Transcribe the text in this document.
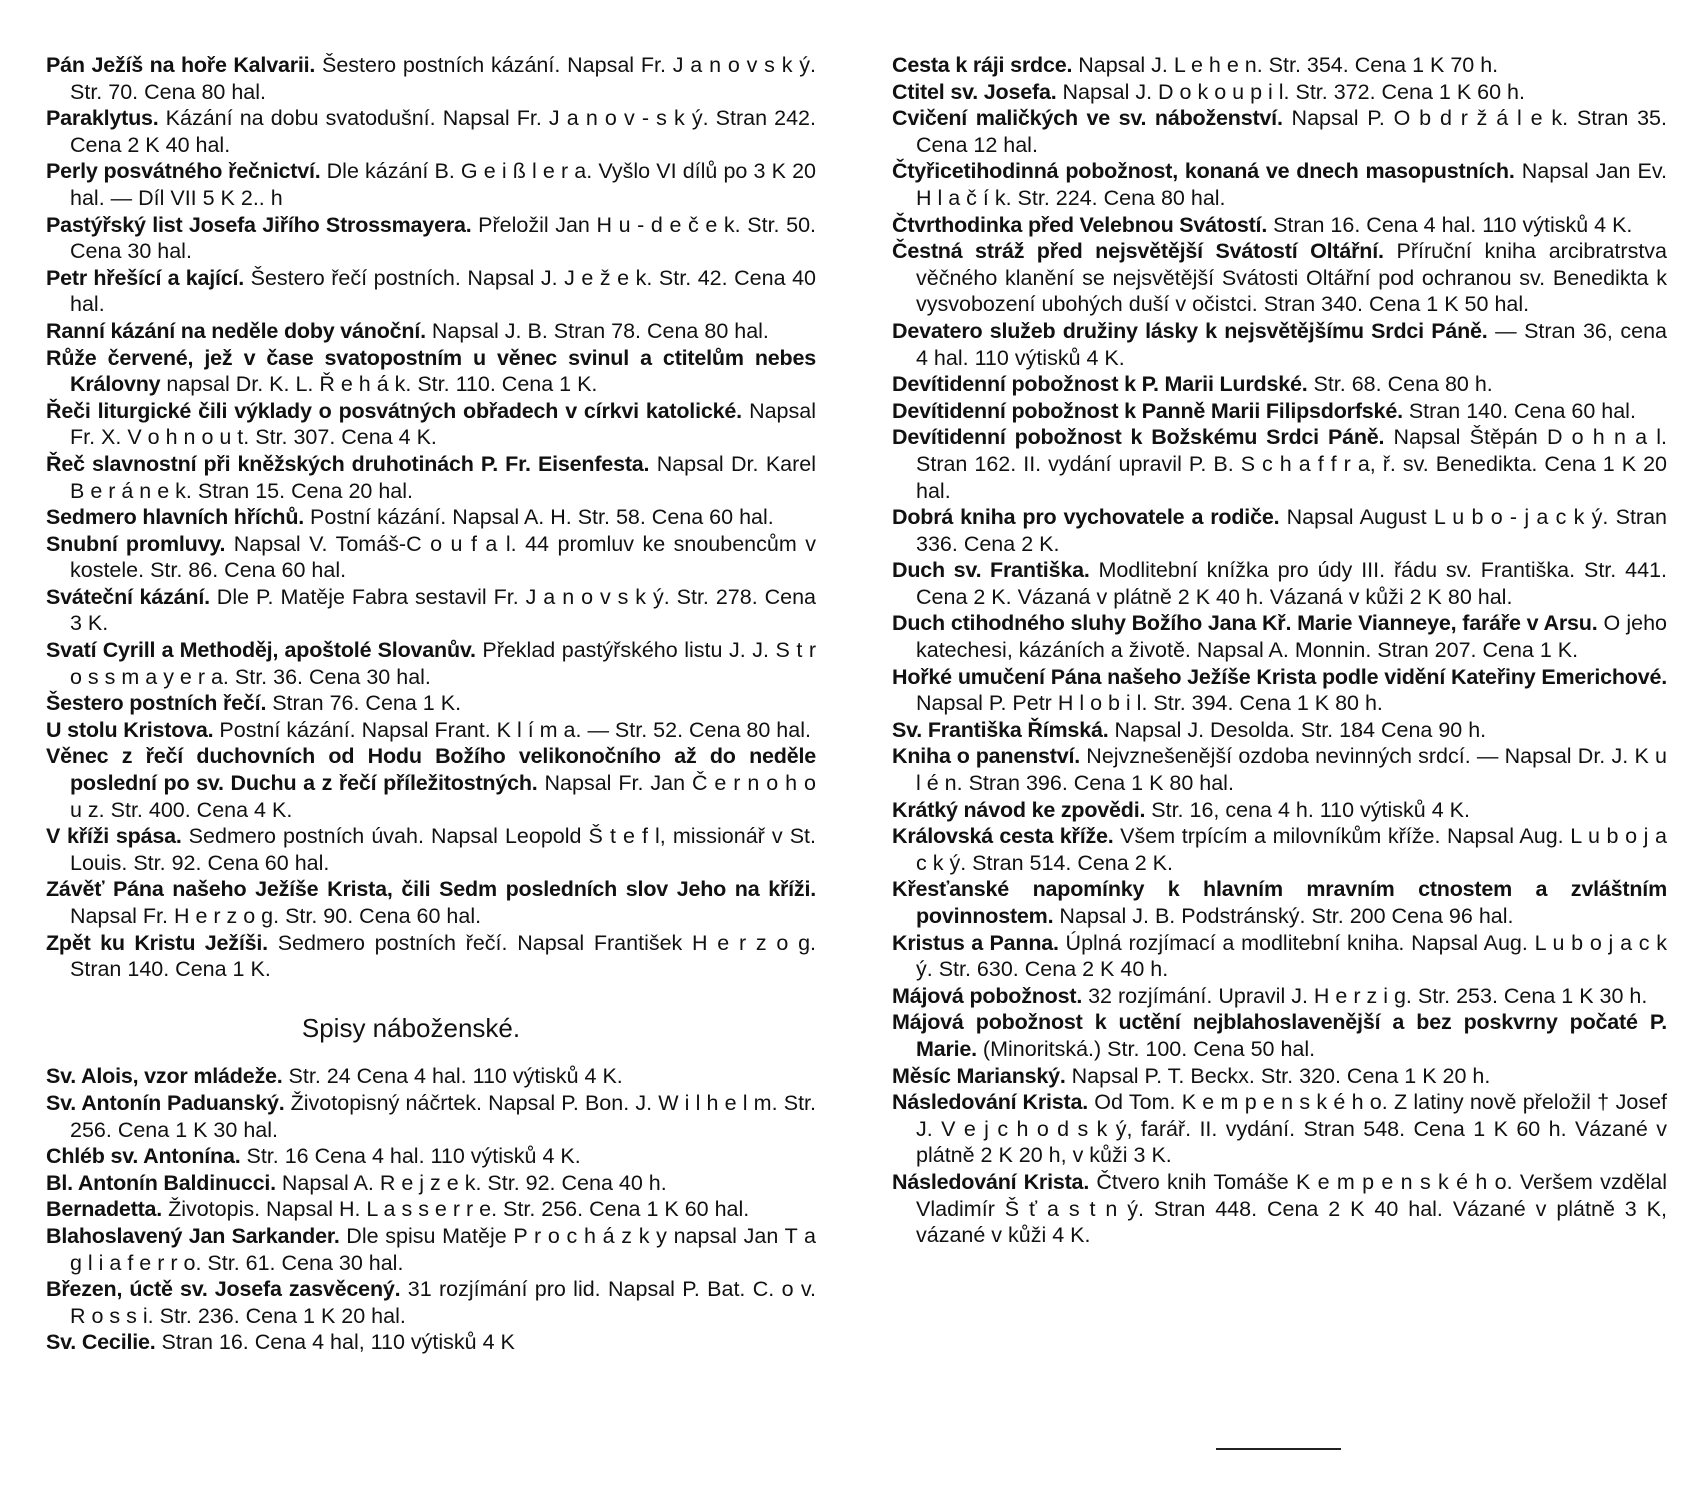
Pán Ježíš na hoře Kalvarii. Šestero postních kázání. Napsal Fr. J a n o v s k ý. Str. 70. Cena 80 hal.
Paraklytus. Kázání na dobu svatodušní. Napsal Fr. J a n o v - s k ý. Stran 242. Cena 2 K 40 hal.
Perly posvátného řečnictví. Dle kázání B. G e i ß l e r a. Vyšlo VI dílů po 3 K 20 hal. — Díl VII 5 K 2.. h
Pastýřský list Josefa Jiřího Strossmayera. Přeložil Jan H u - d e č e k. Str. 50. Cena 30 hal.
Petr hřešící a kající. Šestero řečí postních. Napsal J. J e ž e k. Str. 42. Cena 40 hal.
Ranní kázání na neděle doby vánoční. Napsal J. B. Stran 78. Cena 80 hal.
Růže červené, jež v čase svatopostním u věnec svinul a ctitelům nebes Královny napsal Dr. K. L. Ř e h á k. Str. 110. Cena 1 K.
Řeči liturgické čili výklady o posvátných obřadech v církvi katolické. Napsal Fr. X. V o h n o u t. Str. 307. Cena 4 K.
Řeč slavnostní při kněžských druhotinách P. Fr. Eisenfesta. Napsal Dr. Karel B e r á n e k. Stran 15. Cena 20 hal.
Sedmero hlavních hříchů. Postní kázání. Napsal A. H. Str. 58. Cena 60 hal.
Snubní promluvy. Napsal V. Tomáš-C o u f a l. 44 promluv ke snoubencům v kostele. Str. 86. Cena 60 hal.
Sváteční kázání. Dle P. Matěje Fabra sestavil Fr. J a n o v s k ý. Str. 278. Cena 3 K.
Svatí Cyrill a Methoděj, apoštolé Slovanův. Překlad pastýřského listu J. J. S t r o s s m a y e r a. Str. 36. Cena 30 hal.
Šestero postních řečí. Stran 76. Cena 1 K.
U stolu Kristova. Postní kázání. Napsal Frant. K l í m a. — Str. 52. Cena 80 hal.
Věnec z řečí duchovních od Hodu Božího velikonočního až do neděle poslední po sv. Duchu a z řečí příležitostných. Napsal Fr. Jan Č e r n o h o u z. Str. 400. Cena 4 K.
V kříži spása. Sedmero postních úvah. Napsal Leopold Š t e f l, missionář v St. Louis. Str. 92. Cena 60 hal.
Závěť Pána našeho Ježíše Krista, čili Sedm posledních slov Jeho na kříži. Napsal Fr. H e r z o g. Str. 90. Cena 60 hal.
Zpět ku Kristu Ježíši. Sedmero postních řečí. Napsal František H e r z o g. Stran 140. Cena 1 K.
Spisy náboženské.
Sv. Alois, vzor mládeže. Str. 24 Cena 4 hal. 110 výtisků 4 K.
Sv. Antonín Paduanský. Životopisný náčrtek. Napsal P. Bon. J. W i l h e l m. Str. 256. Cena 1 K 30 hal.
Chléb sv. Antonína. Str. 16 Cena 4 hal. 110 výtisků 4 K.
Bl. Antonín Baldinucci. Napsal A. R e j z e k. Str. 92. Cena 40 h.
Bernadetta. Životopis. Napsal H. L a s s e r r e. Str. 256. Cena 1 K 60 hal.
Blahoslavený Jan Sarkander. Dle spisu Matěje P r o c h á z k y napsal Jan T a g l i a f e r r o. Str. 61. Cena 30 hal.
Březen, úctě sv. Josefa zasvěcený. 31 rozjímání pro lid. Napsal P. Bat. C. o v. R o s s i. Str. 236. Cena 1 K 20 hal.
Sv. Cecilie. Stran 16. Cena 4 hal, 110 výtisků 4 K
Cesta k ráji srdce. Napsal J. L e h e n. Str. 354. Cena 1 K 70 h.
Ctitel sv. Josefa. Napsal J. D o k o u p i l. Str. 372. Cena 1 K 60 h.
Cvičení maličkých ve sv. náboženství. Napsal P. O b d r ž á l e k. Stran 35. Cena 12 hal.
Čtyřicetihodinná pobožnost, konaná ve dnech masopustních. Napsal Jan Ev. H l a č í k. Str. 224. Cena 80 hal.
Čtvrthodinka před Velebnou Svátostí. Stran 16. Cena 4 hal. 110 výtisků 4 K.
Čestná stráž před nejsvětější Svátostí Oltářní. Příruční kniha arcibratrstva věčného klanění se nejsvětější Svátosti Oltářní pod ochranou sv. Benedikta k vysvobození ubohých duší v očistci. Stran 340. Cena 1 K 50 hal.
Devatero služeb družiny lásky k nejsvětějšímu Srdci Páně. — Stran 36, cena 4 hal. 110 výtisků 4 K.
Devítidenní pobožnost k P. Marii Lurdské. Str. 68. Cena 80 h.
Devítidenní pobožnost k Panně Marii Filipsdorfské. Stran 140. Cena 60 hal.
Devítidenní pobožnost k Božskému Srdci Páně. Napsal Štěpán D o h n a l. Stran 162. II. vydání upravil P. B. S c h a f f r a, ř. sv. Benedikta. Cena 1 K 20 hal.
Dobrá kniha pro vychovatele a rodiče. Napsal August L u b o - j a c k ý. Stran 336. Cena 2 K.
Duch sv. Františka. Modlitební knížka pro údy III. řádu sv. Františka. Str. 441. Cena 2 K. Vázaná v plátně 2 K 40 h. Vázaná v kůži 2 K 80 hal.
Duch ctihodného sluhy Božího Jana Kř. Marie Vianneye, faráře v Arsu. O jeho katechesi, kázáních a životě. Napsal A. Monnin. Stran 207. Cena 1 K.
Hořké umučení Pána našeho Ježíše Krista podle vidění Kateřiny Emerichové. Napsal P. Petr H l o b i l. Str. 394. Cena 1 K 80 h.
Sv. Františka Římská. Napsal J. Desolda. Str. 184 Cena 90 h.
Kniha o panenství. Nejvznešenější ozdoba nevinných srdcí. — Napsal Dr. J. K u l é n. Stran 396. Cena 1 K 80 hal.
Krátký návod ke zpovědi. Str. 16, cena 4 h. 110 výtisků 4 K.
Královská cesta kříže. Všem trpícím a milovníkům kříže. Napsal Aug. L u b o j a c k ý. Stran 514. Cena 2 K.
Křesťanské napomínky k hlavním mravním ctnostem a zvláštním povinnostem. Napsal J. B. Podstránský. Str. 200 Cena 96 hal.
Kristus a Panna. Úplná rozjímací a modlitební kniha. Napsal Aug. L u b o j a c k ý. Str. 630. Cena 2 K 40 h.
Májová pobožnost. 32 rozjímání. Upravil J. H e r z i g. Str. 253. Cena 1 K 30 h.
Májová pobožnost k uctění nejblahoslavenější a bez poskvrny počaté P. Marie. (Minoritská.) Str. 100. Cena 50 hal.
Měsíc Marianský. Napsal P. T. Beckx. Str. 320. Cena 1 K 20 h.
Následování Krista. Od Tom. K e m p e n s k é h o. Z latiny nově přeložil † Josef J. V e j c h o d s k ý, farář. II. vydání. Stran 548. Cena 1 K 60 h. Vázané v plátně 2 K 20 h, v kůži 3 K.
Následování Krista. Čtvero knih Tomáše K e m p e n s k é h o. Veršem vzdělal Vladimír Š ť a s t n ý. Stran 448. Cena 2 K 40 hal. Vázané v plátně 3 K, vázané v kůži 4 K.
